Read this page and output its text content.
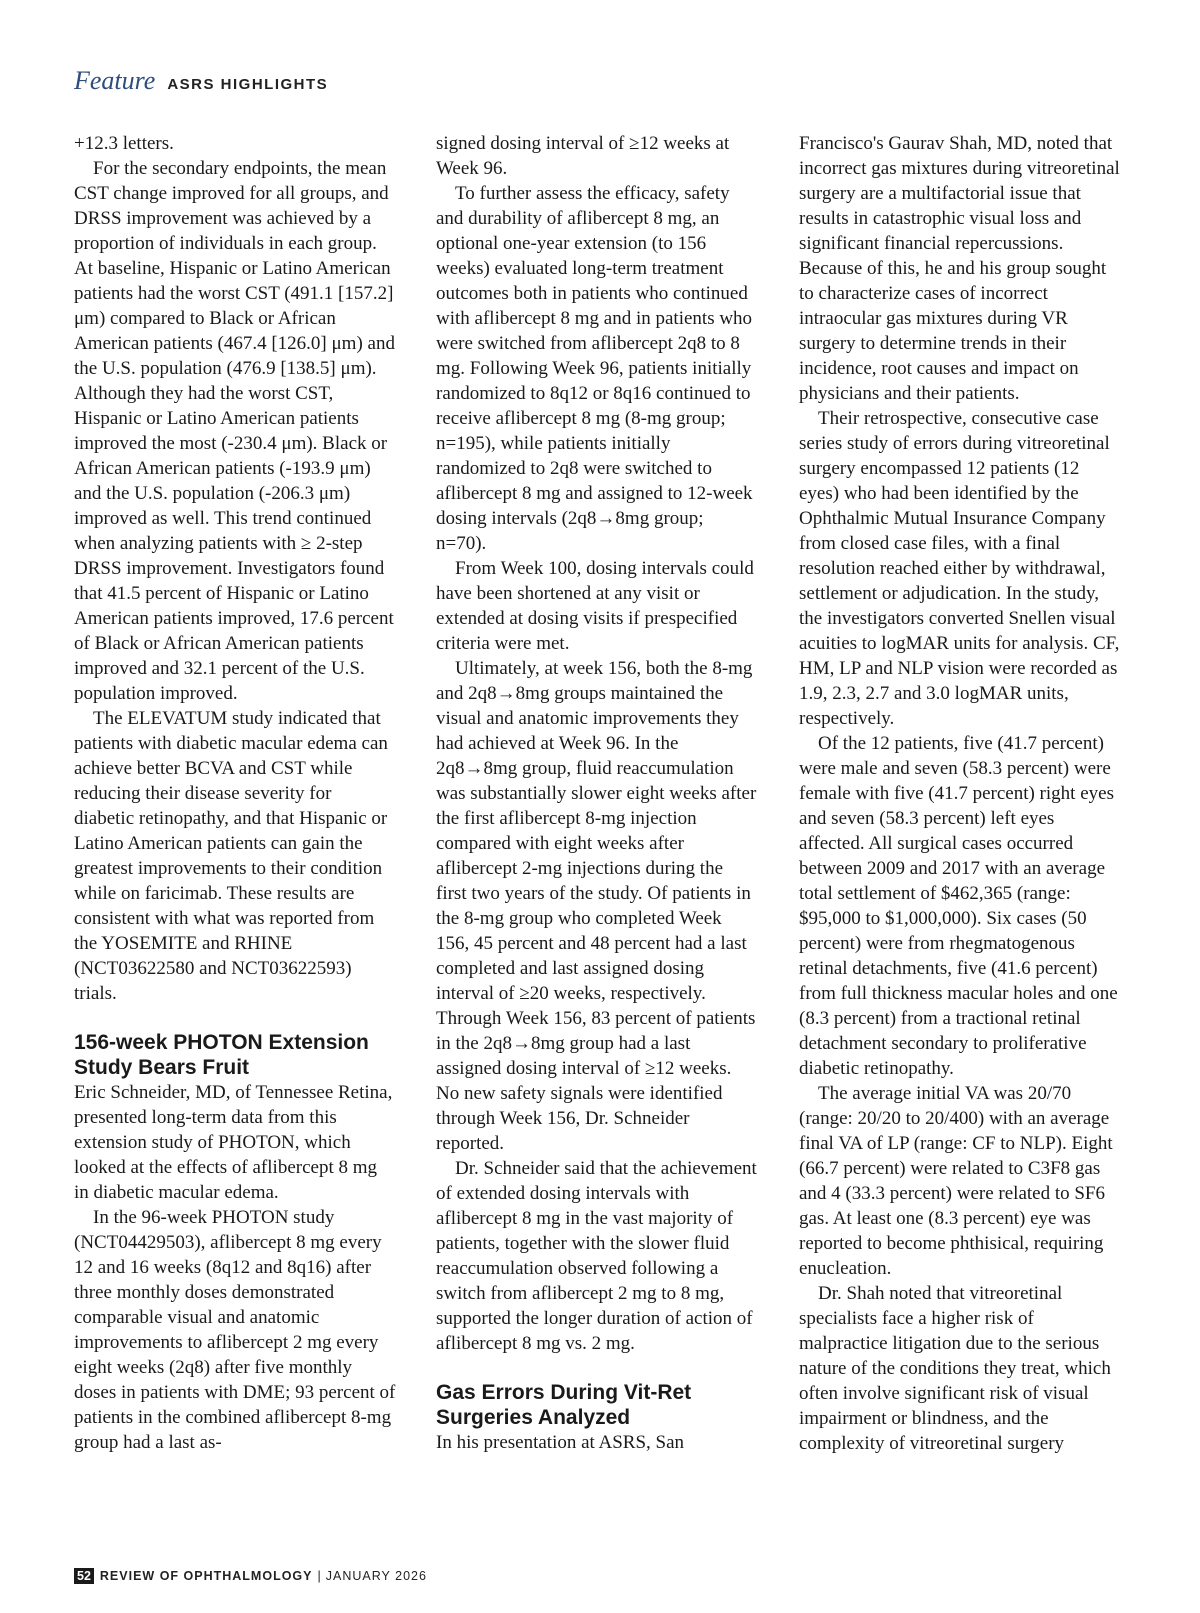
Feature ASRS HIGHLIGHTS

+12.3 letters.

For the secondary endpoints, the mean CST change improved for all groups, and DRSS improvement was achieved by a proportion of individuals in each group. At baseline, Hispanic or Latino American patients had the worst CST (491.1 [157.2] μm) compared to Black or African American patients (467.4 [126.0] μm) and the U.S. population (476.9 [138.5] μm). Although they had the worst CST, Hispanic or Latino American patients improved the most (-230.4 μm). Black or African American patients (-193.9 μm) and the U.S. population (-206.3 μm) improved as well. This trend continued when analyzing patients with ≥ 2-step DRSS improvement. Investigators found that 41.5 percent of Hispanic or Latino American patients improved, 17.6 percent of Black or African American patients improved and 32.1 percent of the U.S. population improved.

The ELEVATUM study indicated that patients with diabetic macular edema can achieve better BCVA and CST while reducing their disease severity for diabetic retinopathy, and that Hispanic or Latino American patients can gain the greatest improvements to their condition while on faricimab. These results are consistent with what was reported from the YOSEMITE and RHINE (NCT03622580 and NCT03622593) trials.

156-week PHOTON Extension Study Bears Fruit

Eric Schneider, MD, of Tennessee Retina, presented long-term data from this extension study of PHOTON, which looked at the effects of aflibercept 8 mg in diabetic macular edema.

In the 96-week PHOTON study (NCT04429503), aflibercept 8 mg every 12 and 16 weeks (8q12 and 8q16) after three monthly doses demonstrated comparable visual and anatomic improvements to aflibercept 2 mg every eight weeks (2q8) after five monthly doses in patients with DME; 93 percent of patients in the combined aflibercept 8-mg group had a last as-

signed dosing interval of ≥12 weeks at Week 96.

To further assess the efficacy, safety and durability of aflibercept 8 mg, an optional one-year extension (to 156 weeks) evaluated long-term treatment outcomes both in patients who continued with aflibercept 8 mg and in patients who were switched from aflibercept 2q8 to 8 mg. Following Week 96, patients initially randomized to 8q12 or 8q16 continued to receive aflibercept 8 mg (8-mg group; n=195), while patients initially randomized to 2q8 were switched to aflibercept 8 mg and assigned to 12-week dosing intervals (2q8→8mg group; n=70).

From Week 100, dosing intervals could have been shortened at any visit or extended at dosing visits if prespecified criteria were met.

Ultimately, at week 156, both the 8-mg and 2q8→8mg groups maintained the visual and anatomic improvements they had achieved at Week 96. In the 2q8→8mg group, fluid reaccumulation was substantially slower eight weeks after the first aflibercept 8-mg injection compared with eight weeks after aflibercept 2-mg injections during the first two years of the study. Of patients in the 8-mg group who completed Week 156, 45 percent and 48 percent had a last completed and last assigned dosing interval of ≥20 weeks, respectively. Through Week 156, 83 percent of patients in the 2q8→8mg group had a last assigned dosing interval of ≥12 weeks. No new safety signals were identified through Week 156, Dr. Schneider reported.

Dr. Schneider said that the achievement of extended dosing intervals with aflibercept 8 mg in the vast majority of patients, together with the slower fluid reaccumulation observed following a switch from aflibercept 2 mg to 8 mg, supported the longer duration of action of aflibercept 8 mg vs. 2 mg.

Gas Errors During Vit-Ret Surgeries Analyzed

In his presentation at ASRS, San

Francisco's Gaurav Shah, MD, noted that incorrect gas mixtures during vitreoretinal surgery are a multifactorial issue that results in catastrophic visual loss and significant financial repercussions. Because of this, he and his group sought to characterize cases of incorrect intraocular gas mixtures during VR surgery to determine trends in their incidence, root causes and impact on physicians and their patients.

Their retrospective, consecutive case series study of errors during vitreoretinal surgery encompassed 12 patients (12 eyes) who had been identified by the Ophthalmic Mutual Insurance Company from closed case files, with a final resolution reached either by withdrawal, settlement or adjudication. In the study, the investigators converted Snellen visual acuities to logMAR units for analysis. CF, HM, LP and NLP vision were recorded as 1.9, 2.3, 2.7 and 3.0 logMAR units, respectively.

Of the 12 patients, five (41.7 percent) were male and seven (58.3 percent) were female with five (41.7 percent) right eyes and seven (58.3 percent) left eyes affected. All surgical cases occurred between 2009 and 2017 with an average total settlement of $462,365 (range: $95,000 to $1,000,000). Six cases (50 percent) were from rhegmatogenous retinal detachments, five (41.6 percent) from full thickness macular holes and one (8.3 percent) from a tractional retinal detachment secondary to proliferative diabetic retinopathy.

The average initial VA was 20/70 (range: 20/20 to 20/400) with an average final VA of LP (range: CF to NLP). Eight (66.7 percent) were related to C3F8 gas and 4 (33.3 percent) were related to SF6 gas. At least one (8.3 percent) eye was reported to become phthisical, requiring enucleation.

Dr. Shah noted that vitreoretinal specialists face a higher risk of malpractice litigation due to the serious nature of the conditions they treat, which often involve significant risk of visual impairment or blindness, and the complexity of vitreoretinal surgery

52 REVIEW OF OPHTHALMOLOGY | JANUARY 2026
